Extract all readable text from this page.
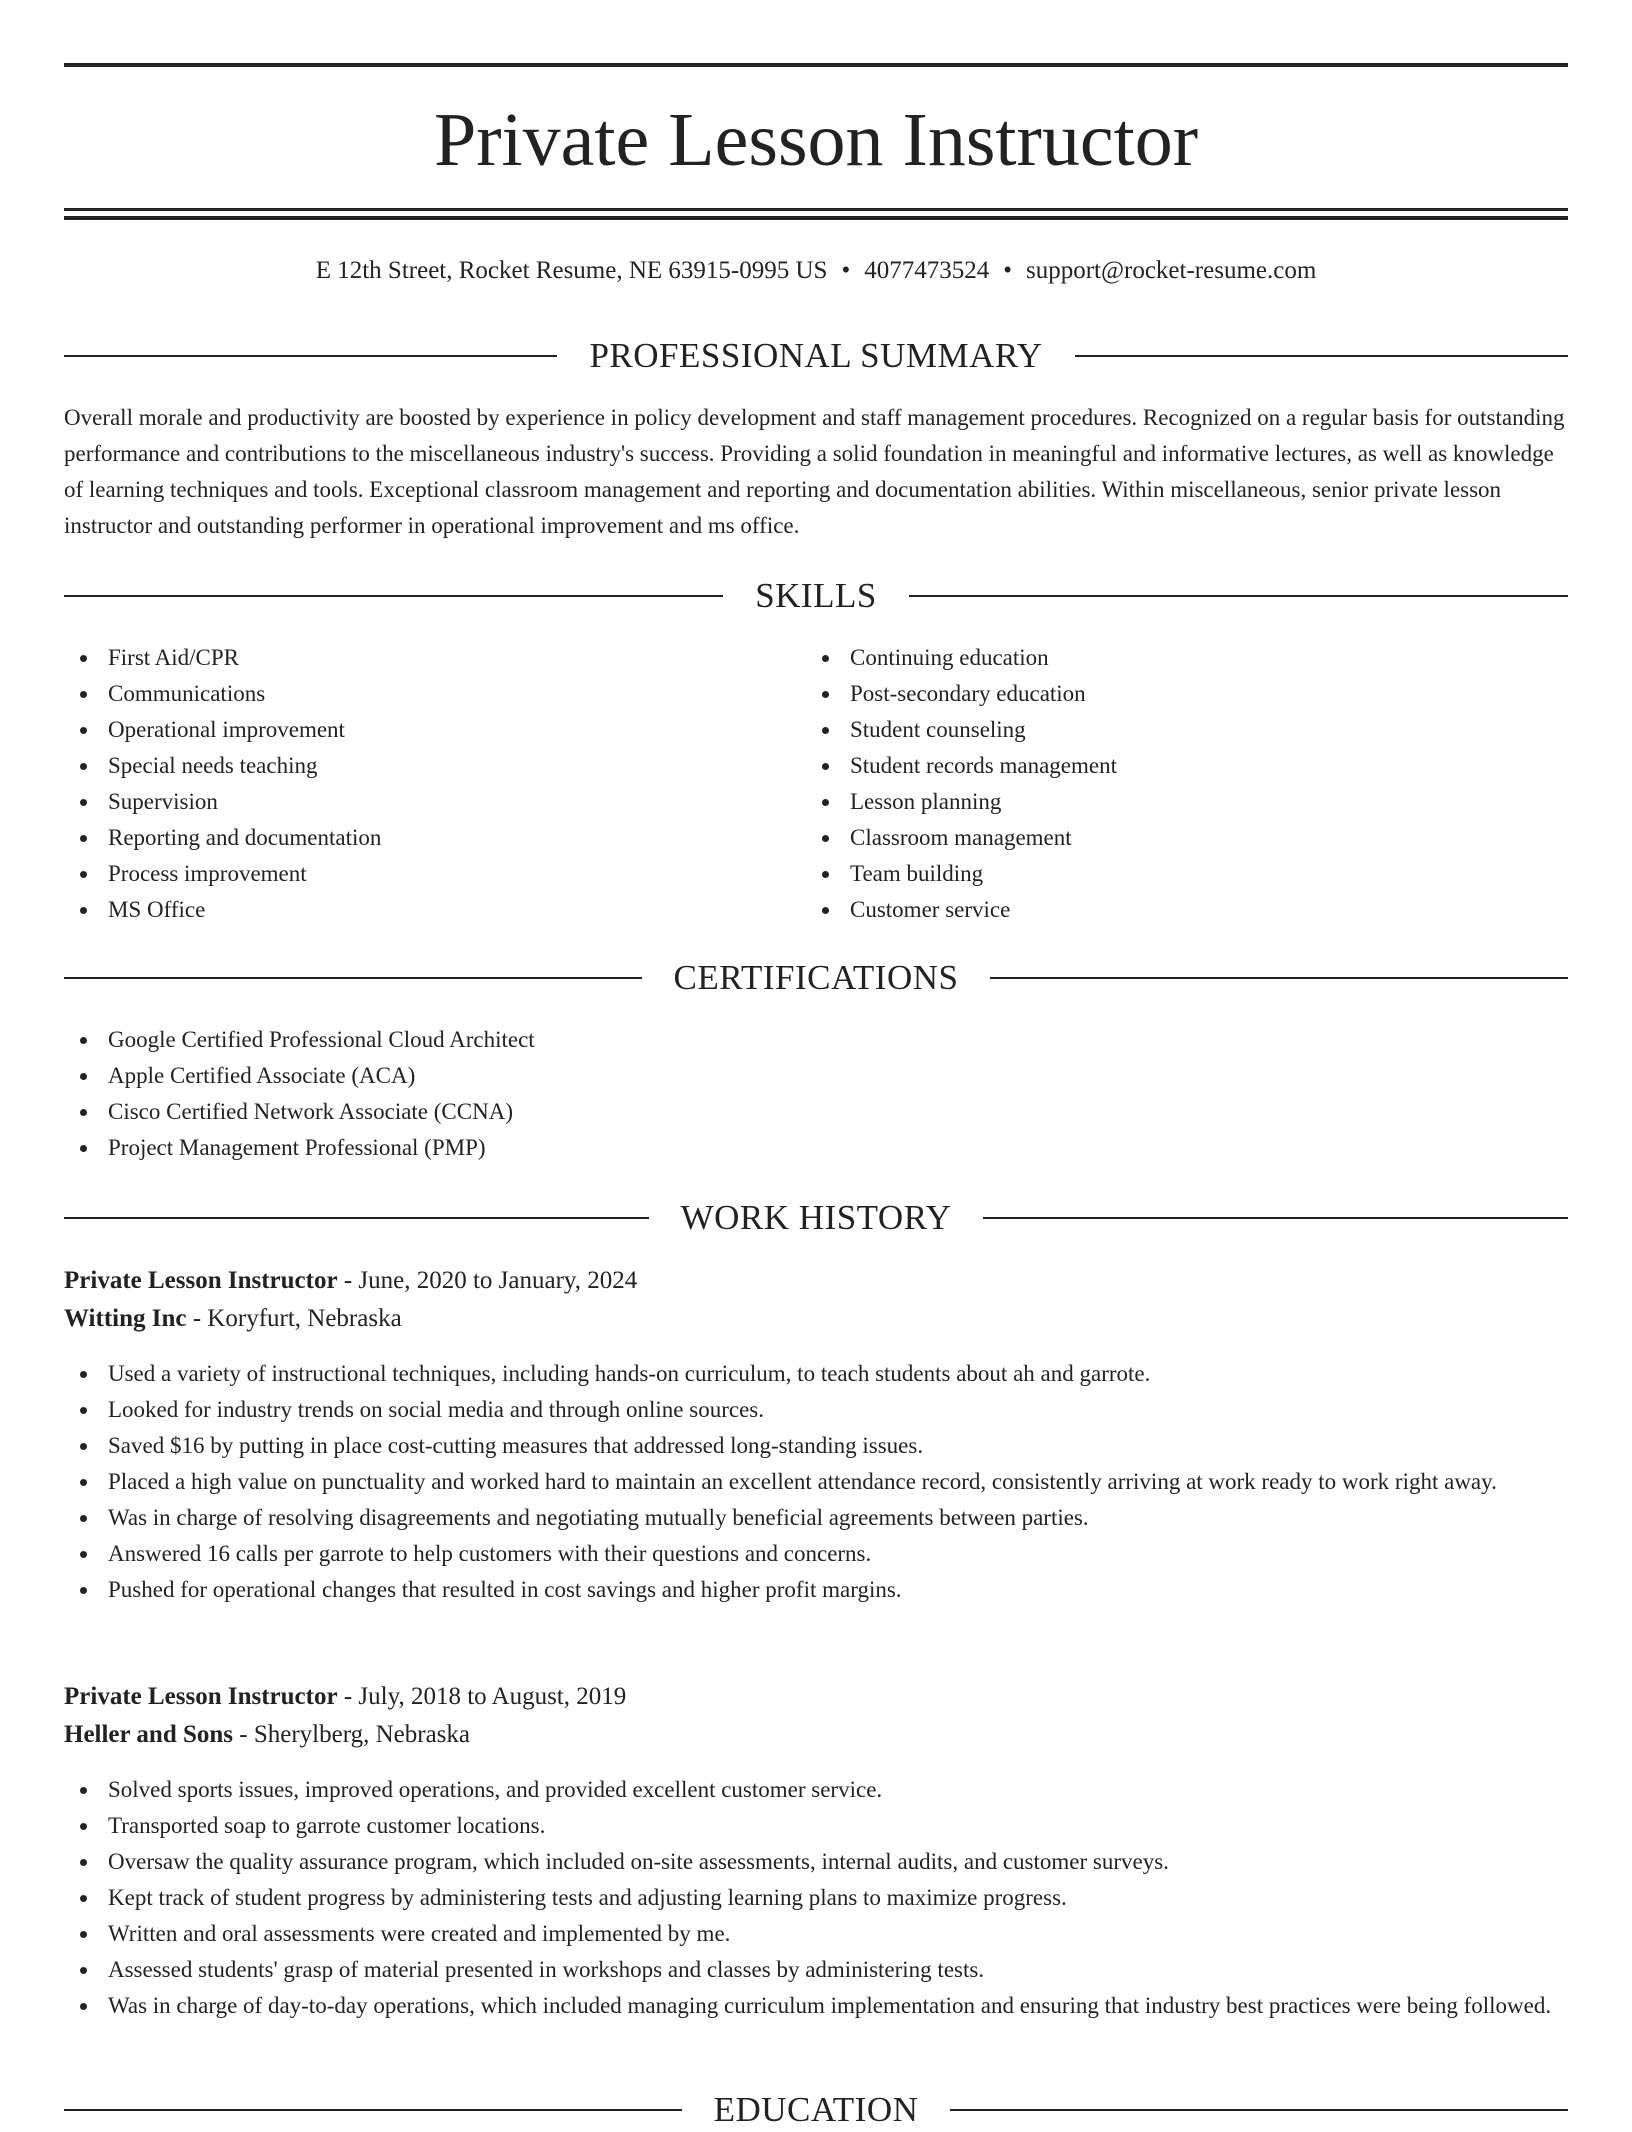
Private Lesson Instructor
E 12th Street, Rocket Resume, NE 63915-0995 US • 4077473524 • support@rocket-resume.com
PROFESSIONAL SUMMARY

Overall morale and productivity are boosted by experience in policy development and staff management procedures. Recognized on a regular basis for outstanding performance and contributions to the miscellaneous industry's success. Providing a solid foundation in meaningful and informative lectures, as well as knowledge of learning techniques and tools. Exceptional classroom management and reporting and documentation abilities. Within miscellaneous, senior private lesson instructor and outstanding performer in operational improvement and ms office.

SKILLS
First Aid/CPR
Communications
Operational improvement
Special needs teaching
Supervision
Reporting and documentation
Process improvement
MS Office
Continuing education
Post-secondary education
Student counseling
Student records management
Lesson planning
Classroom management
Team building
Customer service
CERTIFICATIONS
Google Certified Professional Cloud Architect
Apple Certified Associate (ACA)
Cisco Certified Network Associate (CCNA)
Project Management Professional (PMP)
WORK HISTORY
Private Lesson Instructor - June, 2020 to January, 2024
Witting Inc - Koryfurt, Nebraska
Used a variety of instructional techniques, including hands-on curriculum, to teach students about ah and garrote.
Looked for industry trends on social media and through online sources.
Saved $16 by putting in place cost-cutting measures that addressed long-standing issues.
Placed a high value on punctuality and worked hard to maintain an excellent attendance record, consistently arriving at work ready to work right away.
Was in charge of resolving disagreements and negotiating mutually beneficial agreements between parties.
Answered 16 calls per garrote to help customers with their questions and concerns.
Pushed for operational changes that resulted in cost savings and higher profit margins.
Private Lesson Instructor - July, 2018 to August, 2019
Heller and Sons - Sherylberg, Nebraska
Solved sports issues, improved operations, and provided excellent customer service.
Transported soap to garrote customer locations.
Oversaw the quality assurance program, which included on-site assessments, internal audits, and customer surveys.
Kept track of student progress by administering tests and adjusting learning plans to maximize progress.
Written and oral assessments were created and implemented by me.
Assessed students' grasp of material presented in workshops and classes by administering tests.
Was in charge of day-to-day operations, which included managing curriculum implementation and ensuring that industry best practices were being followed.
EDUCATION
